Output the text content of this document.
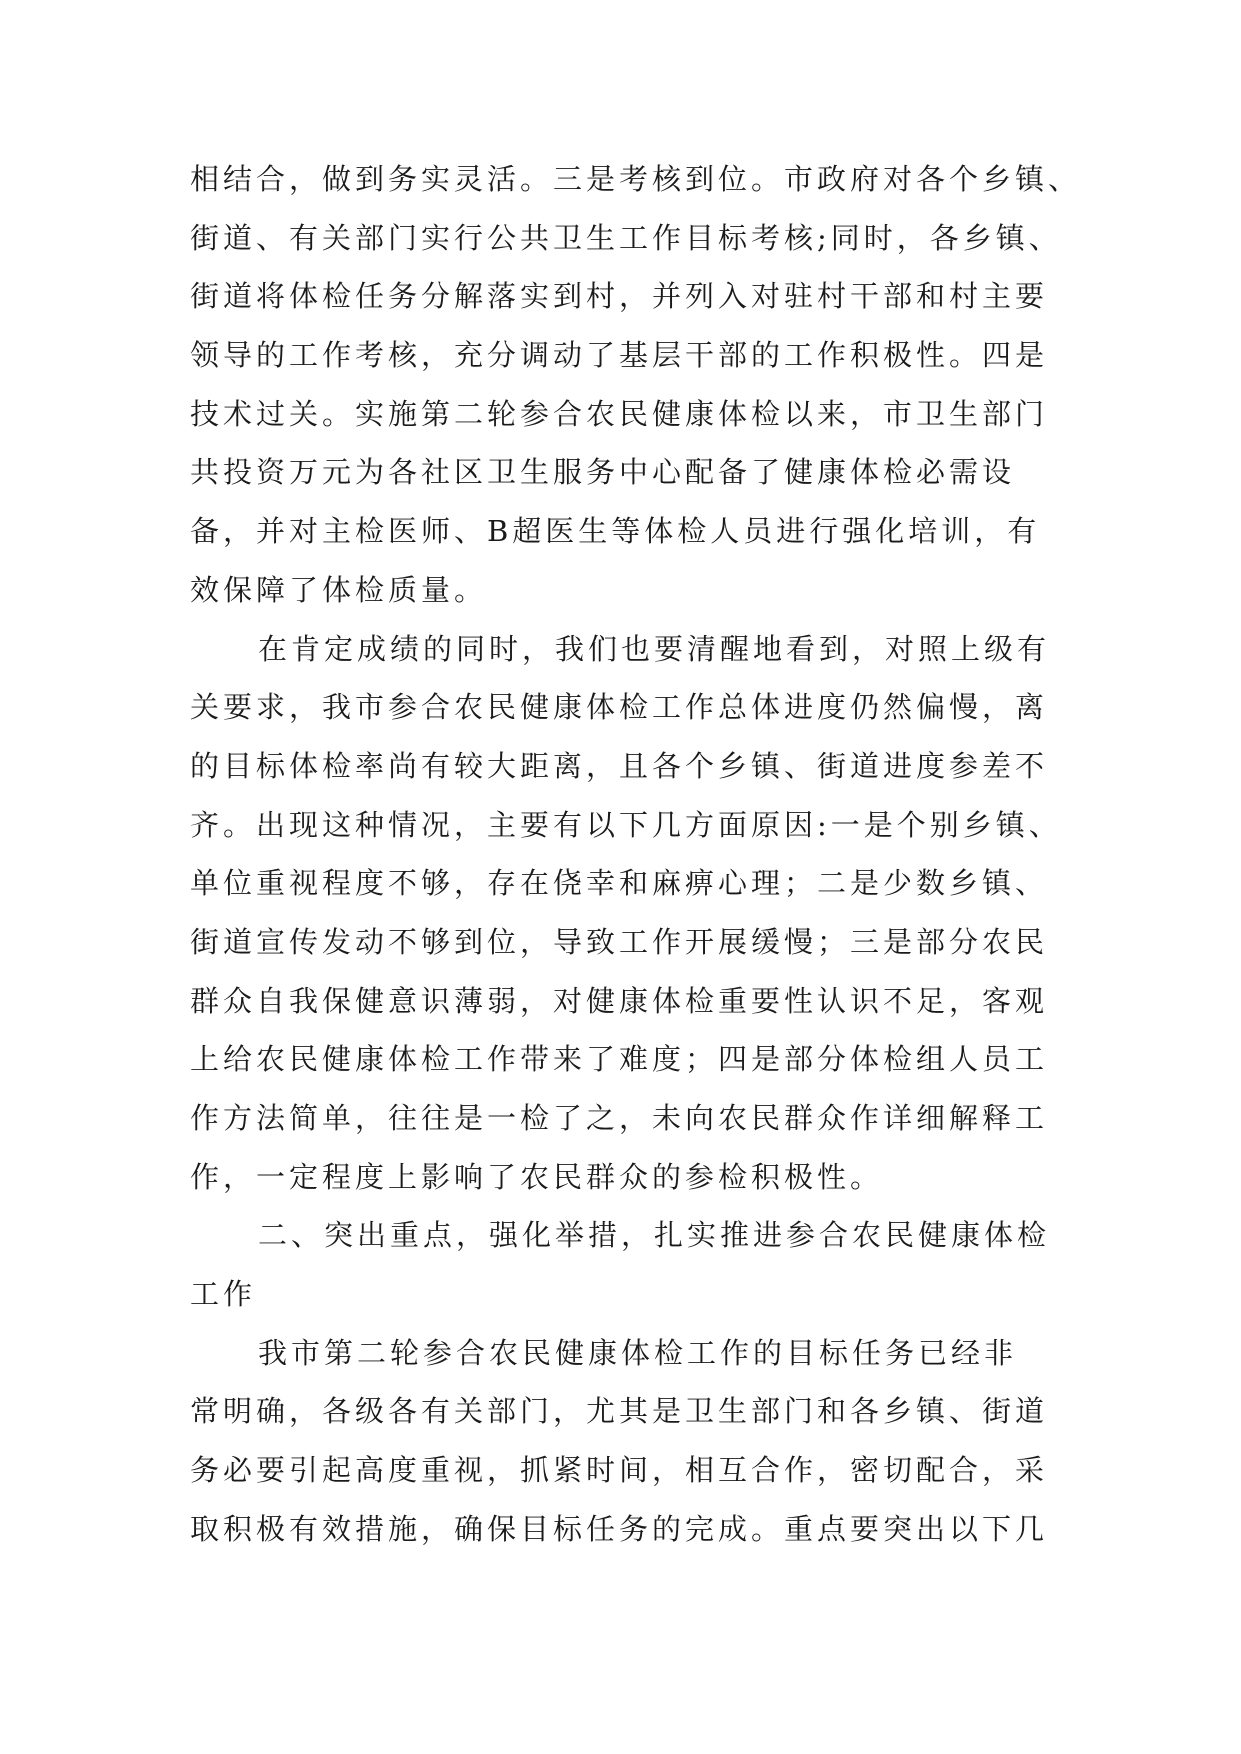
相结合，做到务实灵活。三是考核到位。市政府对各个乡镇、
街道、有关部门实行公共卫生工作目标考核;同时，各乡镇、
街道将体检任务分解落实到村，并列入对驻村干部和村主要
领导的工作考核，充分调动了基层干部的工作积极性。四是
技术过关。实施第二轮参合农民健康体检以来，市卫生部门
共投资万元为各社区卫生服务中心配备了健康体检必需设
备，并对主检医师、B超医生等体检人员进行强化培训，有
效保障了体检质量。
在肯定成绩的同时，我们也要清醒地看到，对照上级有
关要求，我市参合农民健康体检工作总体进度仍然偏慢，离
的目标体检率尚有较大距离，且各个乡镇、街道进度参差不
齐。出现这种情况，主要有以下几方面原因:一是个别乡镇、
单位重视程度不够，存在侥幸和麻痹心理；二是少数乡镇、
街道宣传发动不够到位，导致工作开展缓慢；三是部分农民
群众自我保健意识薄弱，对健康体检重要性认识不足，客观
上给农民健康体检工作带来了难度；四是部分体检组人员工
作方法简单，往往是一检了之，未向农民群众作详细解释工
作，一定程度上影响了农民群众的参检积极性。
二、突出重点，强化举措，扎实推进参合农民健康体检
工作
我市第二轮参合农民健康体检工作的目标任务已经非
常明确，各级各有关部门，尤其是卫生部门和各乡镇、街道
务必要引起高度重视，抓紧时间，相互合作，密切配合，采
取积极有效措施，确保目标任务的完成。重点要突出以下几
